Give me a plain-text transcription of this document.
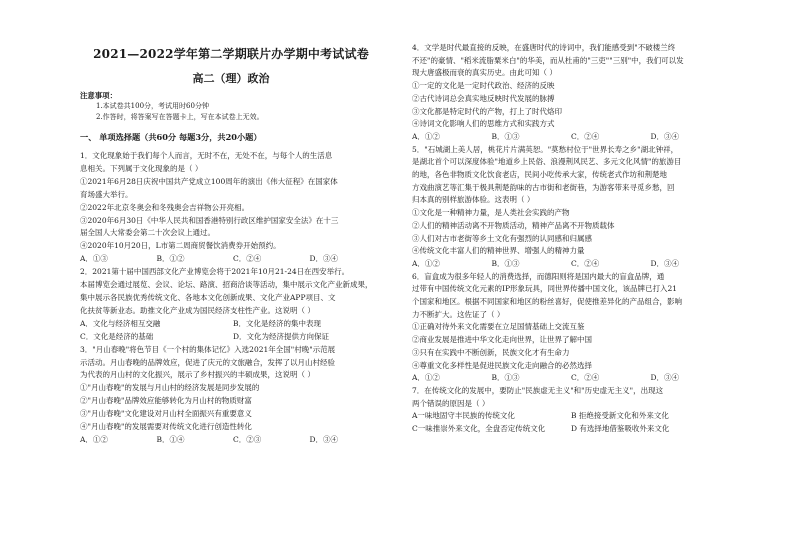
2021—2022学年第二学期联片办学期中考试试卷
高二（理）政治
注意事项：
1.本试卷共100分，考试用时60分钟
2.作答时，将答案写在答题卡上，写在本试卷上无效。
一、 单项选择题（共60分 每题3分，共20小题）

1．文化现象始于我们每个人而言，无时不在，无处不在，与每个人的生活息

息相关。下列属于文化现象的是（ ）

①2021年6月28日庆祝中国共产党成立100周年的演出《伟大征程》在国家体

育场盛大举行。

②2022年北京冬奥会和冬残奥会吉祥物公开亮相。

③2020年6月30日《中华人民共和国香港特别行政区维护国家安全法》在十三

届全国人大常委会第二十次会议上通过。

④2020年10月20日，L市第二周商贸餐饮消费券开始预约。

A．①③	B．①②	C．②④	D．③④

2．2021第十届中国西部文化产业博览会将于2021年10月21-24日在西安举行。

本届博览会通过展览、会议、论坛、路演、招商洽谈等活动，集中展示文化产业新成果，

集中展示各民族优秀传统文化、各地本文化创新成果、文化产业APP项目、文

化扶贫等新业态。助推文化产业成为国民经济支柱性产业。这说明（ ）

A．文化与经济相互交融	B．文化是经济的集中表现
C．文化是经济的基础	D．文化为经济提供方向保证

3．"月山春晚"将色节目《一个村的集体记忆》入选2021年全国"村晚"示范展

示活动。月山春晚的品牌效应，促进了庆元的文旅融合，发挥了以月山村经验

为代表的月山村的文化振兴，展示了乡村振兴的丰硕成果，这说明（ ）

①"月山春晚"的发展与月山村的经济发展是同步发展的

②"月山春晚"品牌效应能够转化为月山村的物质财富

③"月山春晚"文化建设对月山村全面振兴有重要意义

④"月山春晚"的发展需要对传统文化进行创造性转化

A．①②	B．①④	C．②③	D．③④

4．文学是时代最直接的反映，在盛唐时代的诗词中，我们能感受到"不破楼兰终

不还"的豪情、"稻米流脂粟米白"的华美，而从杜甫的"三吏""三别"中，我们可以发

现大唐盛极而衰的真实历史。由此可知（ ）

①一定的文化是一定时代政治、经济的反映

②古代诗词总会真实地反映时代发展的脉搏

③文化都是特定时代的产物，打上了时代烙印

④诗词文化影响人们的思维方式和实践方式

A．①②	B．①③	C．②④	D．③④

5．"石城湖上美人居，桃花片片满英恕。"莫愁村位于"世界长寿之乡"湖北钟祥，

是湖北首个可以深度体验"地道乡上民俗、浪漫荆风民艺、多元文化风情"的旅游目

的地，各色非物质文化饮食老店，民间小吃传承大家，传统老式作坊和荆楚地

方戏曲演艺等汇集于极具荆楚韵味的古市街和老街巷，为游客带来寻觅乡愁，回

归本真的别样旅游体验。这表明（ ）

①文化是一种精神力量，是人类社会实践的产物

②人们的精神活动离不开物质活动，精神产品离不开物质载体

③人们对古市老街等乡土文化有强烈的认同感和归属感

④传统文化丰富人们的精神世界、增强人的精神力量

A．①②	B．①③	C．②④	D．③④

6．盲盒成为很多年轻人的消费选择，而德阳则将是国内最大的盲盒品牌，通

过带有中国传统文化元素的IP形象玩具，同世界传播中国文化，该品牌已打入21

个国家和地区。根据不同国家和地区的粉丝喜好，促使推差异化的产品组合，影响

力不断扩大。这佐证了（ ）

①正确对待外来文化需要在立足国情基础上交流互鉴

②商业发展是推进中华文化走向世界，让世界了解中国

③只有在实践中不断创新，民族文化才有生命力

④尊重文化多样性是促进民族文化走向融合的必然选择

A．①②	B．①③	C．②④	D．③④

7．在传统文化的发展中，要防止"民族虚无主义"和"历史虚无主义"，出现这

两个错误的原因是（ ）

A一味地固守丰民族的传统文化	B 拒绝接受新文化和外来文化
C一味推崇外来文化，全盘否定传统文化	D 有选择地借鉴吸收外来文化
